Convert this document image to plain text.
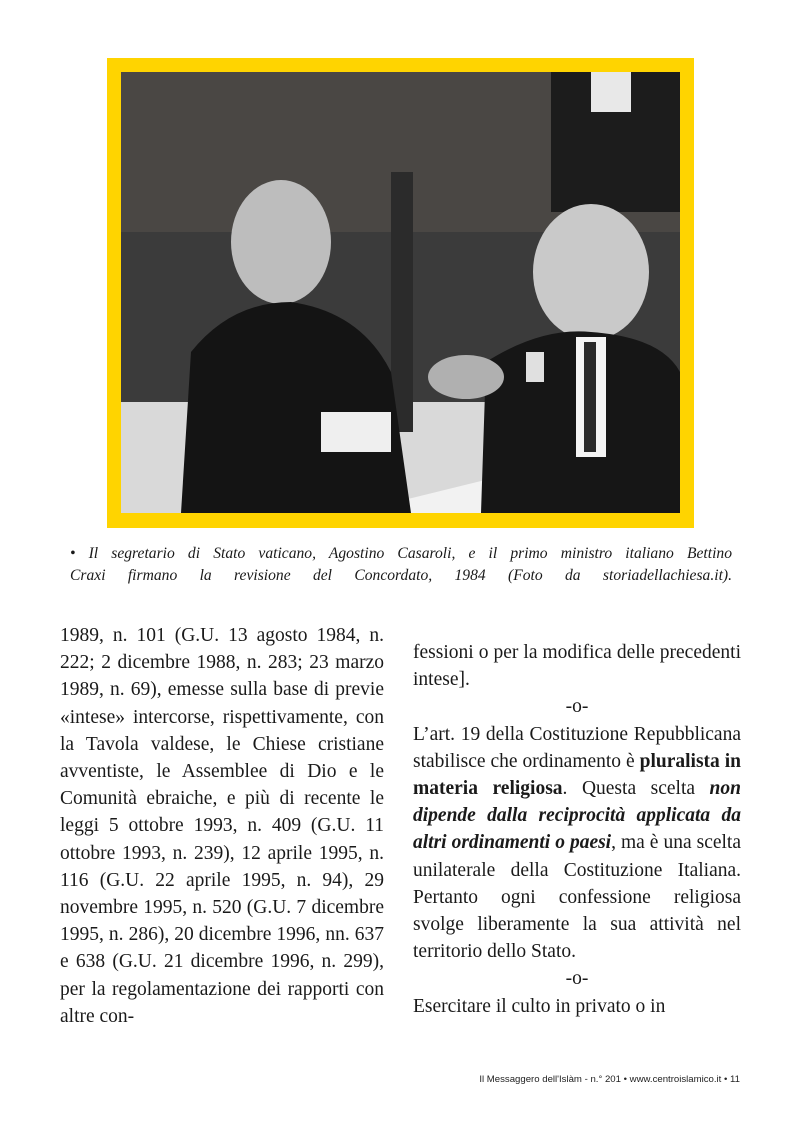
• Il segretario di Stato vaticano, Agostino Casaroli, e il primo ministro italiano Bettino
Craxi firmano la revisione del Concordato, 1984 (Foto da storiadellachiesa.it).

1989, n. 101 (G.U. 13 agosto 1984, n. 222; 2 dicembre 1988, n. 283; 23 marzo 1989, n. 69), emesse sulla base di previe «intese» intercorse, rispettivamente, con la Tavola valdese, le Chiese cristiane avventiste, le Assemblee di Dio e le Comunità ebraiche, e più di recente le leggi 5 ottobre 1993, n. 409 (G.U. 11 ottobre 1993, n. 239), 12 aprile 1995, n. 116 (G.U. 22 aprile 1995, n. 94), 29 novembre 1995, n. 520 (G.U. 7 dicembre 1995, n. 286), 20 dicembre 1996, nn. 637 e 638 (G.U. 21 dicembre 1996, n. 299), per la regolamentazione dei rapporti con altre con-

fessioni o per la modifica delle precedenti intese].

-o-

L’art. 19 della Costituzione Repubblicana stabilisce che ordinamento è pluralista in materia religiosa. Questa scelta non dipende dalla reciprocità applicata da altri ordinamenti o paesi, ma è una scelta unilaterale della Costituzione Italiana. Pertanto ogni confessione religiosa svolge liberamente la sua attività nel territorio dello Stato.

-o-

Esercitare il culto in privato o in

Il Messaggero dell'Islàm - n.° 201 • www.centroislamico.it • 11
